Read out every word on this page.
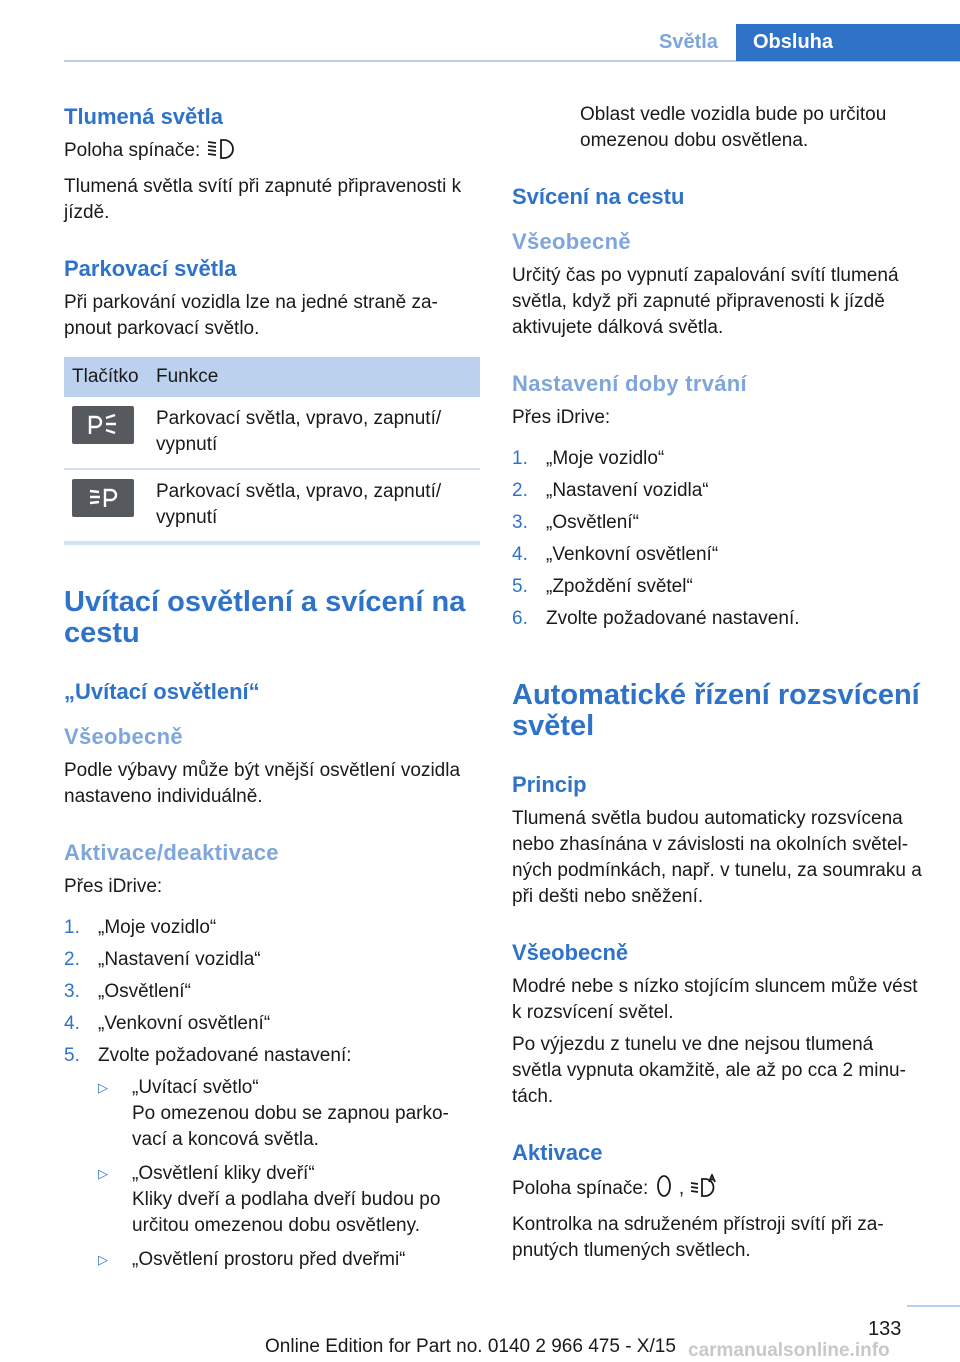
Světla	Obsluha
Tlumená světla

Poloha spínače:

Tlumená světla svítí při zapnuté připravenosti k jízdě.

Parkovací světla

Při parkování vozidla lze na jedné straně za-pnout parkovací světlo.

Tlačítko	Funkce

	Parkovací světla, vpravo, zapnutí/ vypnutí

	Parkovací světla, vpravo, zapnutí/ vypnutí
Uvítací osvětlení a svícení na cestu
„Uvítací osvětlení“
Všeobecně

Podle výbavy může být vnější osvětlení vozidla nastaveno individuálně.

Aktivace/deaktivace

Přes iDrive:

1. „Moje vozidlo“
2. „Nastavení vozidla“
3. „Osvětlení“
4. „Venkovní osvětlení“
5. Zvolte požadované nastavení:
▷ „Uvítací světlo“
Po omezenou dobu se zapnou parko-vací a koncová světla.
▷ „Osvětlení kliky dveří“
Kliky dveří a podlaha dveří budou po určitou omezenou dobu osvětleny.
▷ „Osvětlení prostoru před dveřmi“

Oblast vedle vozidla bude po určitou omezenou dobu osvětlena.

Svícení na cestu
Všeobecně

Určitý čas po vypnutí zapalování svítí tlumená světla, když při zapnuté připravenosti k jízdě aktivujete dálková světla.

Nastavení doby trvání

Přes iDrive:

1. „Moje vozidlo“
2. „Nastavení vozidla“
3. „Osvětlení“
4. „Venkovní osvětlení“
5. „Zpoždění světel“
6. Zvolte požadované nastavení.
Automatické řízení rozsvícení světel
Princip

Tlumená světla budou automaticky rozsvícena nebo zhasínána v závislosti na okolních světel-ných podmínkách, např. v tunelu, za soumraku a při dešti nebo sněžení.

Všeobecně

Modré nebe s nízko stojícím sluncem může vést k rozsvícení světel.

Po výjezdu z tunelu ve dne nejsou tlumená světla vypnuta okamžitě, ale až po cca 2 minu-tách.

Aktivace

Poloha spínače: ,

Kontrolka na sdruženém přístroji svítí při za-pnutých tlumených světlech.

133
Online Edition for Part no. 0140 2 966 475 - X/15 carmanualsonline.info
